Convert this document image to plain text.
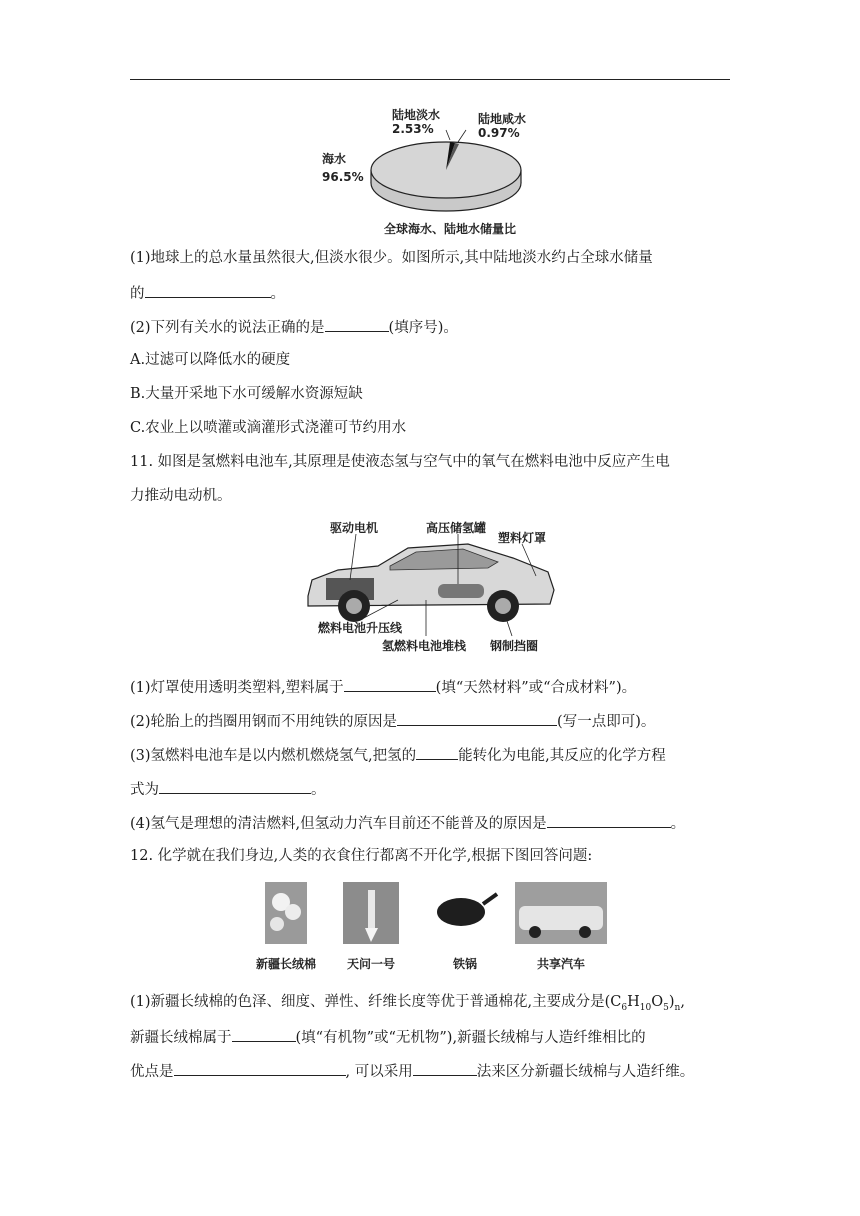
陆地淡水
2.53%
陆地咸水
0.97%
海水
96.5%
全球海水、陆地水储量比
(1)地球上的总水量虽然很大,但淡水很少。如图所示,其中陆地淡水约占全球水储量
的	。
(2)下列有关水的说法正确的是	(填序号)。
A.过滤可以降低水的硬度
B.大量开采地下水可缓解水资源短缺
C.农业上以喷灌或滴灌形式浇灌可节约用水
11. 如图是氢燃料电池车,其原理是使液态氢与空气中的氧气在燃料电池中反应产生电
力推动电动机。
驱动电机	高压储氢罐
塑料灯罩
燃料电池升压线
氢燃料电池堆栈 钢制挡圈
(1)灯罩使用透明类塑料,塑料属于	(填“天然材料”或“合成材料”)。
(2)轮胎上的挡圈用钢而不用纯铁的原因是	(写一点即可)。
(3)氢燃料电池车是以内燃机燃烧氢气,把氢的	能转化为电能,其反应的化学方程
式为	。
(4)氢气是理想的清洁燃料,但氢动力汽车目前还不能普及的原因是	。
12. 化学就在我们身边,人类的衣食住行都离不开化学,根据下图回答问题:
新疆长绒棉	天问一号	铁锅	共享汽车
(1)新疆长绒棉的色泽、细度、弹性、纤维长度等优于普通棉花,主要成分是$(C_6H_{10}O_5)_n$,
新疆长绒棉属于	(填“有机物”或“无机物”),新疆长绒棉与人造纤维相比的
优点是	, 可以采用	法来区分新疆长绒棉与人造纤维。
